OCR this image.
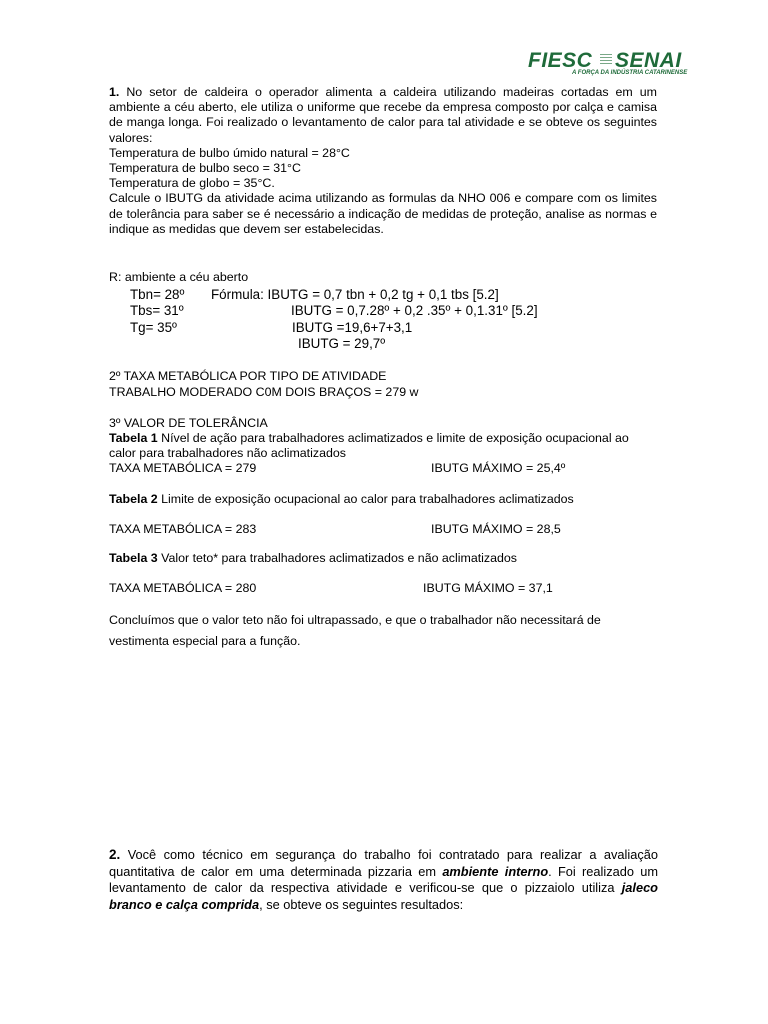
FIESC SENAI
A FORÇA DA INDÚSTRIA CATARINENSE
1. No setor de caldeira o operador alimenta a caldeira utilizando madeiras cortadas em um ambiente a céu aberto, ele utiliza o uniforme que recebe da empresa composto por calça e camisa de manga longa. Foi realizado o levantamento de calor para tal atividade e se obteve os seguintes valores:
Temperatura de bulbo úmido natural = 28°C
Temperatura de bulbo seco = 31°C
Temperatura de globo = 35°C.
Calcule o IBUTG da atividade acima utilizando as formulas da NHO 006 e compare com os limites de tolerância para saber se é necessário a indicação de medidas de proteção, analise as normas e indique as medidas que devem ser estabelecidas.
R: ambiente a céu aberto
Tbn= 28º Fórmula: IBUTG = 0,7 tbn + 0,2 tg + 0,1 tbs [5.2]
Tbs= 31º	IBUTG = 0,7.28º + 0,2 .35º + 0,1.31º [5.2]
Tg= 35º	IBUTG =19,6+7+3,1
IBUTG = 29,7º
2º TAXA METABÓLICA POR TIPO DE ATIVIDADE
TRABALHO MODERADO C0M DOIS BRAÇOS = 279 w
3º VALOR DE TOLERÂNCIA
Tabela 1 Nível de ação para trabalhadores aclimatizados e limite de exposição ocupacional ao calor para trabalhadores não aclimatizados
TAXA METABÓLICA = 279	IBUTG MÁXIMO = 25,4º
Tabela 2 Limite de exposição ocupacional ao calor para trabalhadores aclimatizados
TAXA METABÓLICA = 283	IBUTG MÁXIMO = 28,5
Tabela 3 Valor teto* para trabalhadores aclimatizados e não aclimatizados
TAXA METABÓLICA = 280	IBUTG MÁXIMO = 37,1
Concluímos que o valor teto não foi ultrapassado, e que o trabalhador não necessitará de vestimenta especial para a função.
2. Você como técnico em segurança do trabalho foi contratado para realizar a avaliação quantitativa de calor em uma determinada pizzaria em ambiente interno. Foi realizado um levantamento de calor da respectiva atividade e verificou-se que o pizzaiolo utiliza jaleco branco e calça comprida, se obteve os seguintes resultados:
